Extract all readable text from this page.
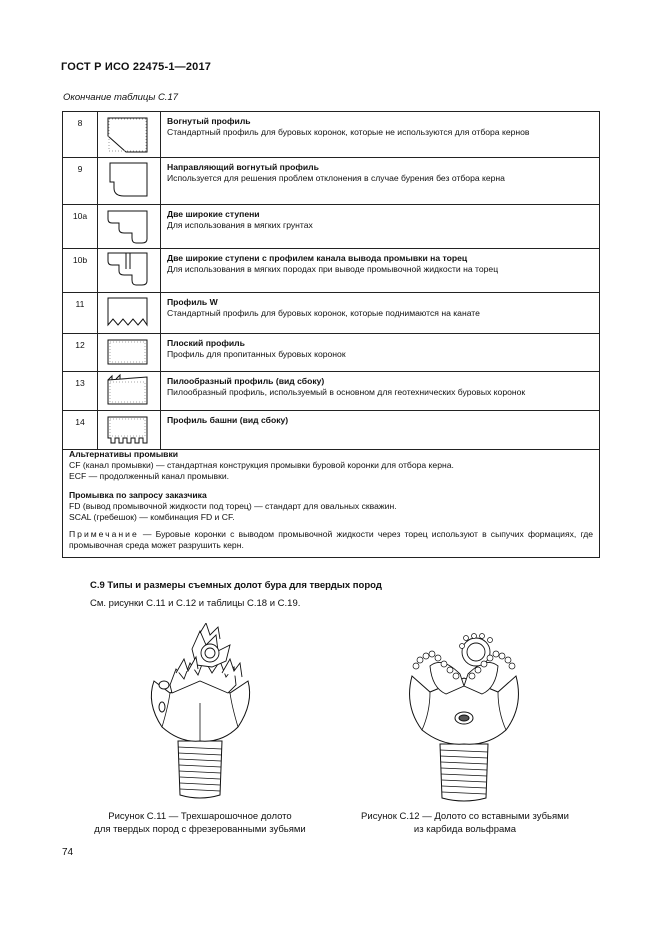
ГОСТ Р ИСО 22475-1—2017
Окончание таблицы С.17
8		Вогнутый профиль
Стандартный профиль для буровых коронок, которые не используются для отбора кернов

9		Направляющий вогнутый профиль
Используется для решения проблем отклонения в случае бурения без отбора керна

10a		Две широкие ступени
Для использования в мягких грунтах

10b		Две широкие ступени с профилем канала вывода промывки на торец
Для использования в мягких породах при выводе промывочной жидкости на торец

11		Профиль W
Стандартный профиль для буровых коронок, которые поднимаются на канате

12		Плоский профиль
Профиль для пропитанных буровых коронок

13		Пилообразный профиль (вид сбоку)
Пилообразный профиль, используемый в основном для геотехнических буровых коронок

14		Профиль башни (вид сбоку)
Альтернативы промывки
CF (канал промывки) — стандартная конструкция промывки буровой коронки для отбора керна.
ECF — продолженный канал промывки.
Промывка по запросу заказчика
FD (вывод промывочной жидкости под торец) — стандарт для овальных скважин.
SCAL (гребешок) — комбинация FD и CF.
Примечание — Буровые коронки с выводом промывочной жидкости через торец используют в сыпучих формациях, где промывочная среда может разрушить керн.
С.9 Типы и размеры съемных долот бура для твердых пород
См. рисунки С.11 и С.12 и таблицы С.18 и С.19.
Рисунок С.11 — Трехшарошочное долото
для твердых пород с фрезерованными зубьями
Рисунок С.12 — Долото со вставными зубьями
из карбида вольфрама
74
